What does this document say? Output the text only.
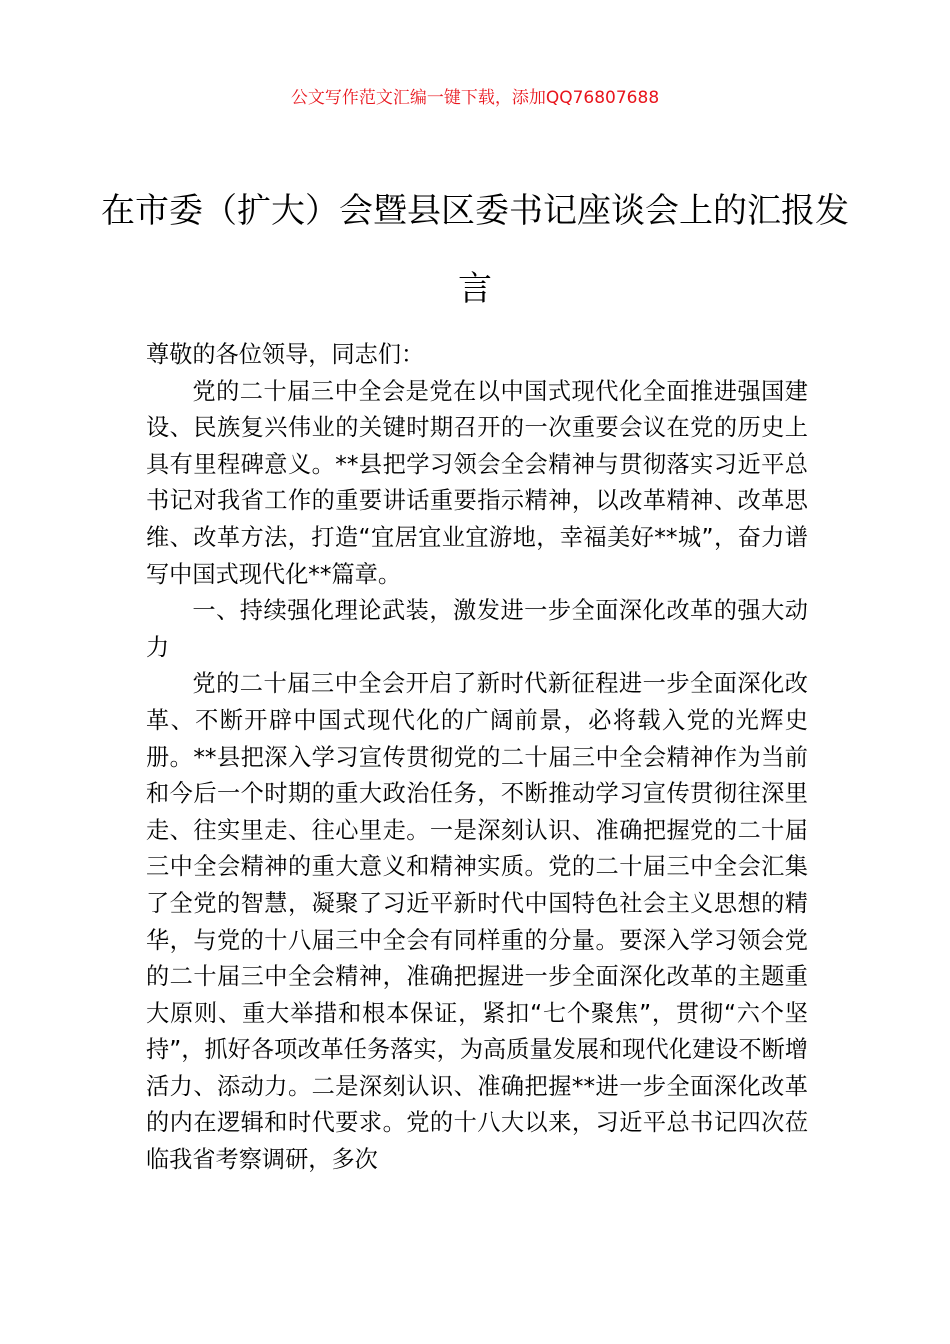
公文写作范文汇编一键下载，添加QQ76807688
在市委（扩大）会暨县区委书记座谈会上的汇报发言

尊敬的各位领导，同志们：

党的二十届三中全会是党在以中国式现代化全面推进强国建设、民族复兴伟业的关键时期召开的一次重要会议在党的历史上具有里程碑意义。**县把学习领会全会精神与贯彻落实习近平总书记对我省工作的重要讲话重要指示精神，以改革精神、改革思维、改革方法，打造“宜居宜业宜游地，幸福美好**城”，奋力谱写中国式现代化**篇章。

一、持续强化理论武装，激发进一步全面深化改革的强大动力

党的二十届三中全会开启了新时代新征程进一步全面深化改革、不断开辟中国式现代化的广阔前景，必将载入党的光辉史册。**县把深入学习宣传贯彻党的二十届三中全会精神作为当前和今后一个时期的重大政治任务，不断推动学习宣传贯彻往深里走、往实里走、往心里走。一是深刻认识、准确把握党的二十届三中全会精神的重大意义和精神实质。党的二十届三中全会汇集了全党的智慧，凝聚了习近平新时代中国特色社会主义思想的精华，与党的十八届三中全会有同样重的分量。要深入学习领会党的二十届三中全会精神，准确把握进一步全面深化改革的主题重大原则、重大举措和根本保证，紧扣“七个聚焦”，贯彻“六个坚持”，抓好各项改革任务落实，为高质量发展和现代化建设不断增活力、添动力。二是深刻认识、准确把握**进一步全面深化改革的内在逻辑和时代要求。党的十八大以来，习近平总书记四次莅临我省考察调研，多次
